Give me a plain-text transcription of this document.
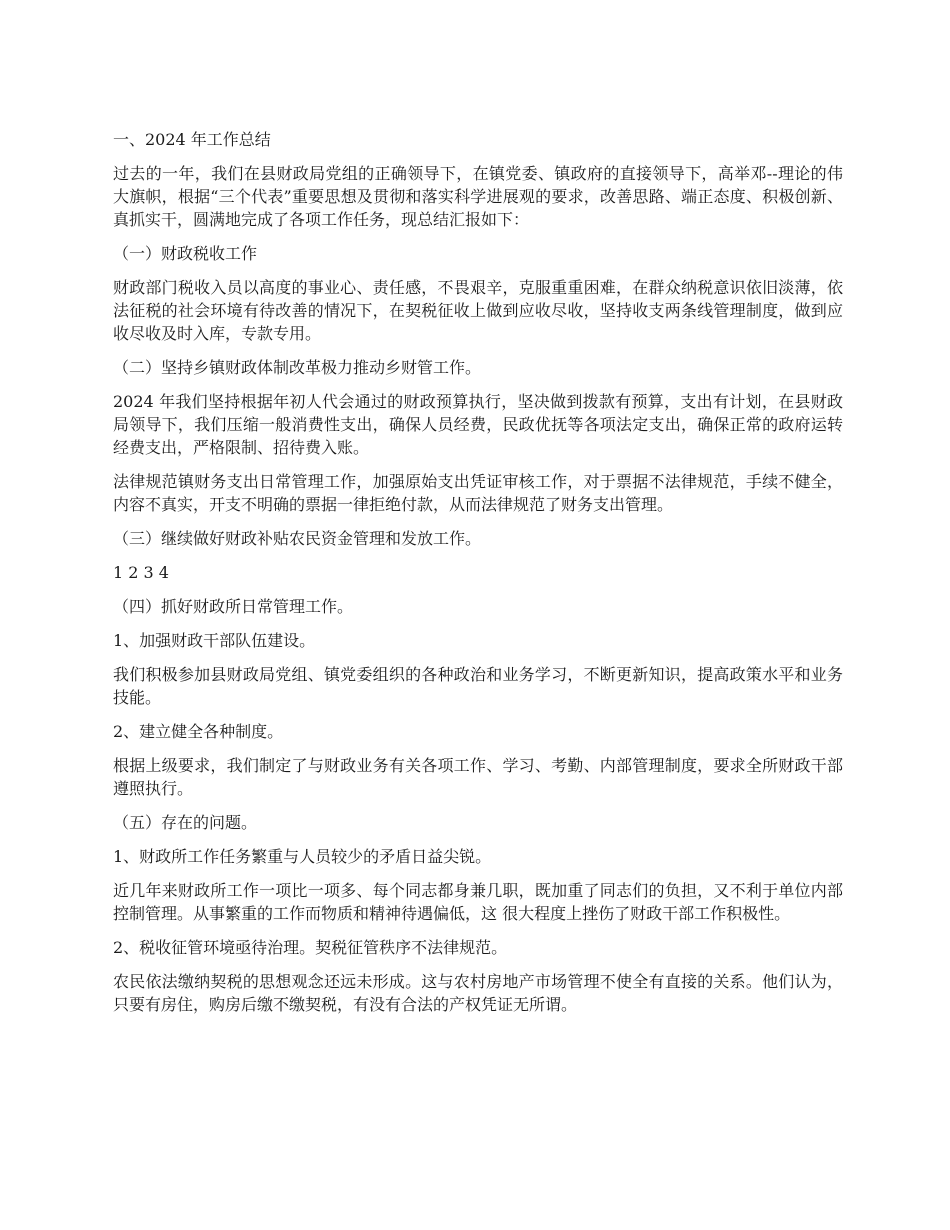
一、2024 年工作总结

过去的一年，我们在县财政局党组的正确领导下，在镇党委、镇政府的直接领导下，高举邓--理论的伟大旗帜，根据“三个代表”重要思想及贯彻和落实科学进展观的要求，改善思路、端正态度、积极创新、真抓实干，圆满地完成了各项工作任务，现总结汇报如下：

（一）财政税收工作

财政部门税收入员以高度的事业心、责任感，不畏艰辛，克服重重困难，在群众纳税意识依旧淡薄，依法征税的社会环境有待改善的情况下，在契税征收上做到应收尽收，坚持收支两条线管理制度，做到应收尽收及时入库，专款专用。

（二）坚持乡镇财政体制改革极力推动乡财管工作。

2024 年我们坚持根据年初人代会通过的财政预算执行，坚决做到拨款有预算，支出有计划，在县财政局领导下，我们压缩一般消费性支出，确保人员经费，民政优抚等各项法定支出，确保正常的政府运转经费支出，严格限制、招待费入账。

法律规范镇财务支出日常管理工作，加强原始支出凭证审核工作，对于票据不法律规范，手续不健全，内容不真实，开支不明确的票据一律拒绝付款，从而法律规范了财务支出管理。

（三）继续做好财政补贴农民资金管理和发放工作。

1 2 3 4

（四）抓好财政所日常管理工作。

1、加强财政干部队伍建设。

我们积极参加县财政局党组、镇党委组织的各种政治和业务学习，不断更新知识，提高政策水平和业务技能。

2、建立健全各种制度。

根据上级要求，我们制定了与财政业务有关各项工作、学习、考勤、内部管理制度，要求全所财政干部遵照执行。

（五）存在的问题。

1、财政所工作任务繁重与人员较少的矛盾日益尖锐。

近几年来财政所工作一项比一项多、每个同志都身兼几职，既加重了同志们的负担，又不利于单位内部控制管理。从事繁重的工作而物质和精神待遇偏低，这 很大程度上挫伤了财政干部工作积极性。

2、税收征管环境亟待治理。契税征管秩序不法律规范。

农民依法缴纳契税的思想观念还远未形成。这与农村房地产市场管理不使全有直接的关系。他们认为，只要有房住，购房后缴不缴契税，有没有合法的产权凭证无所谓。
